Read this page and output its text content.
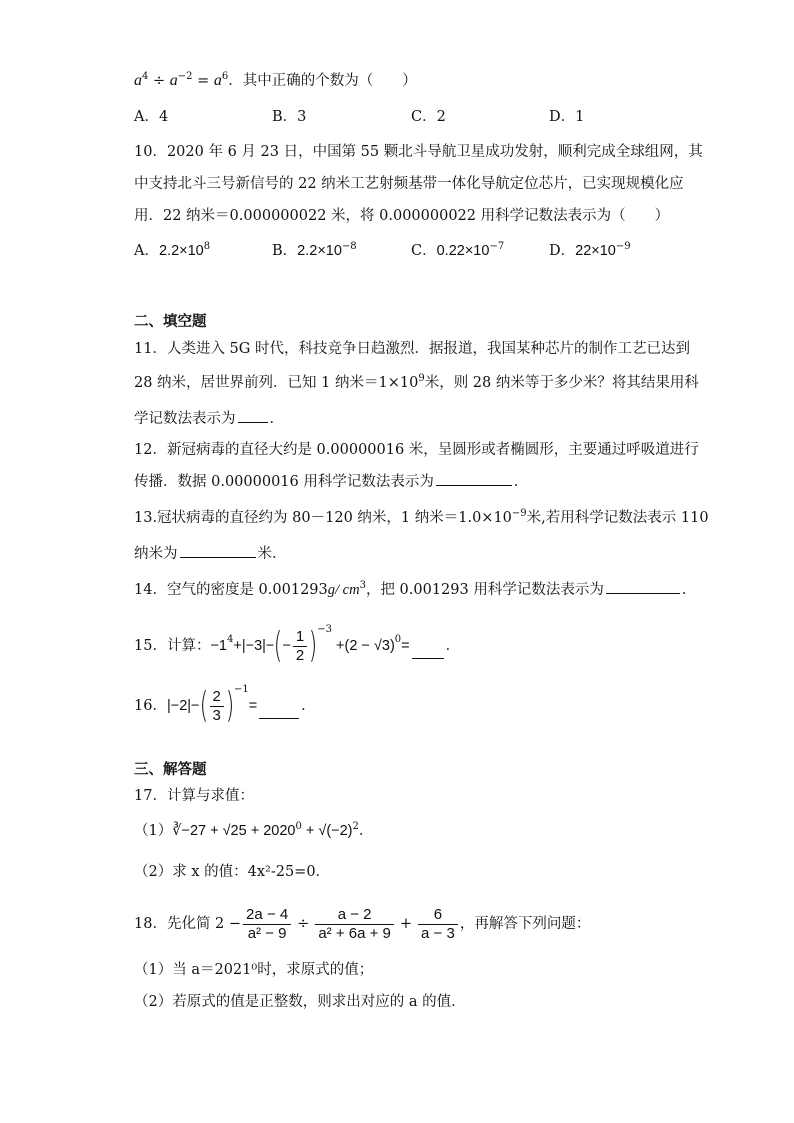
$a^4 \div a^{-2} = a^6$．其中正确的个数为（　　）
A．4	B．3	C．2	D．1
10．2020 年 6 月 23 日，中国第 55 颗北斗导航卫星成功发射，顺利完成全球组网，其
中支持北斗三号新信号的 22 纳米工艺射频基带一体化导航定位芯片，已实现规模化应
用．22 纳米＝0.000000022 米，将 0.000000022 用科学记数法表示为（　　）
A．$2.2\times 10^8$	B．$2.2\times 10^{-8}$	C．$0.22\times 10^{-7}$	D．$22\times 10^{-9}$
二、填空题
11．人类进入 5G 时代，科技竞争日趋激烈．据报道，我国某种芯片的制作工艺已达到
28 纳米，居世界前列．已知 1 纳米$=1\times 10^9$米，则 28 纳米等于多少米？将其结果用科
学记数法表示为 ．
12．新冠病毒的直径大约是 0.00000016 米，呈圆形或者椭圆形，主要通过呼吸道进行
传播．数据 0.00000016 用科学记数法表示为	．
13.冠状病毒的直径约为 80－120 纳米，1 纳米$=1.0\times 10^{-9}$米,若用科学记数法表示 110
纳米为	米．
14．空气的密度是 0.001293g/ $cm^3$，把 0.001293 用科学记数法表示为	．
15．计算： $-1^4 +|-3|-$ ( − $\frac{1}{2} )^{-3}$
$+(2 - √3)^0$ = ．
16． |−2|− ( $\frac{2}{3} )^{-1}$
=	．
三、解答题
17．计算与求值：
（1）∛−27 + $√25 + 2020^0 + √(-2)^2$．
（2）求 x 的值：4x²-25=0．
18．先化简 $2 - \frac{2a - 4}{\text{a² − 9}} \div \frac{a - 2}{\text{a² + 6a + 9}} + \frac{6}{a - 3}$ ，再解答下列问题：
（1）当 a＝2021⁰时，求原式的值；
（2）若原式的值是正整数，则求出对应的 a 的值．
